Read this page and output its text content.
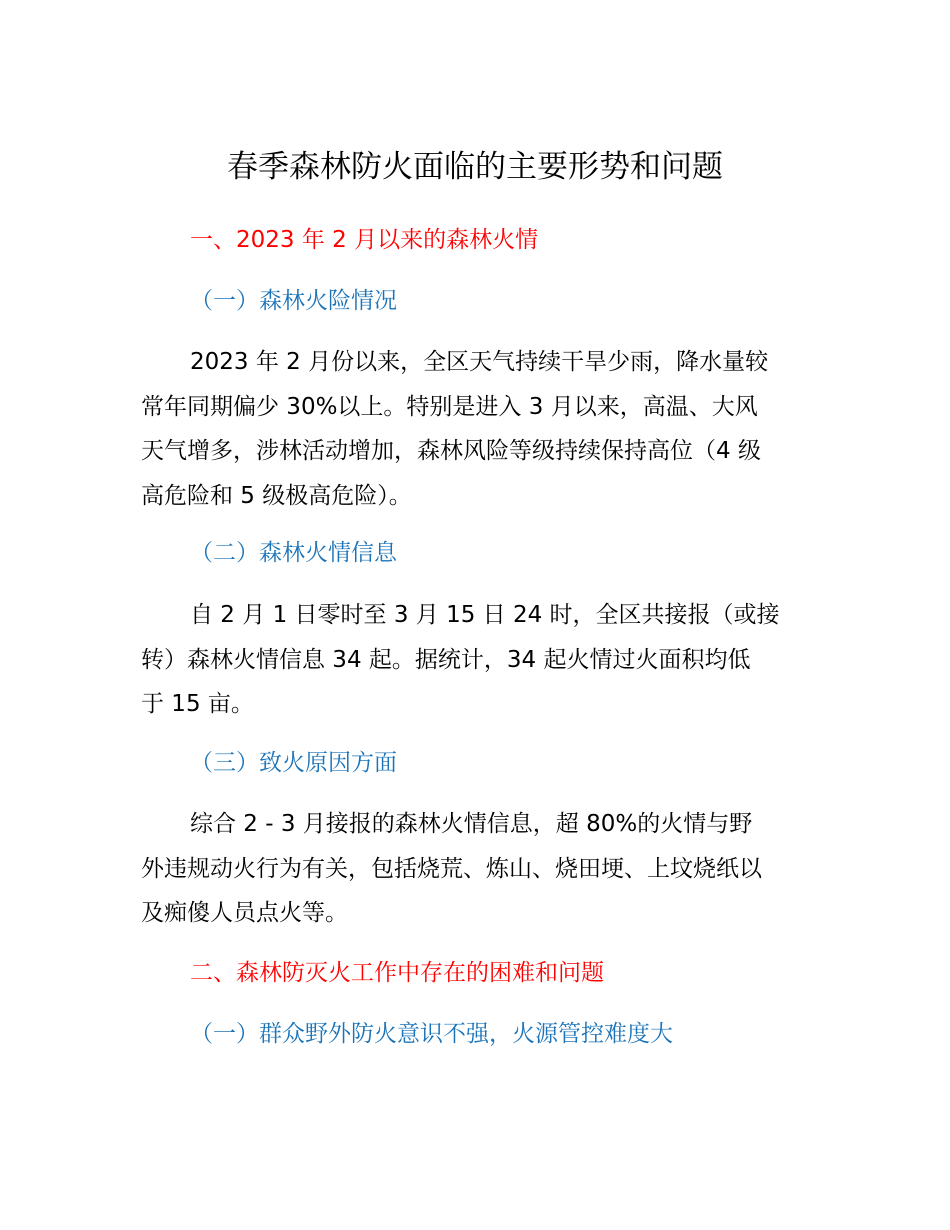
春季森林防火面临的主要形势和问题
一、2023 年 2 月以来的森林火情
（一）森林火险情况
2023 年 2 月份以来，全区天气持续干旱少雨，降水量较
常年同期偏少 30%以上。特别是进入 3 月以来，高温、大风
天气增多，涉林活动增加，森林风险等级持续保持高位（4 级
高危险和 5 级极高危险）。
（二）森林火情信息
自 2 月 1 日零时至 3 月 15 日 24 时，全区共接报（或接
转）森林火情信息 34 起。据统计，34 起火情过火面积均低
于 15 亩。
（三）致火原因方面
综合 2 - 3 月接报的森林火情信息，超 80%的火情与野
外违规动火行为有关，包括烧荒、炼山、烧田埂、上坟烧纸以
及痴傻人员点火等。
二、森林防灭火工作中存在的困难和问题
（一）群众野外防火意识不强，火源管控难度大
